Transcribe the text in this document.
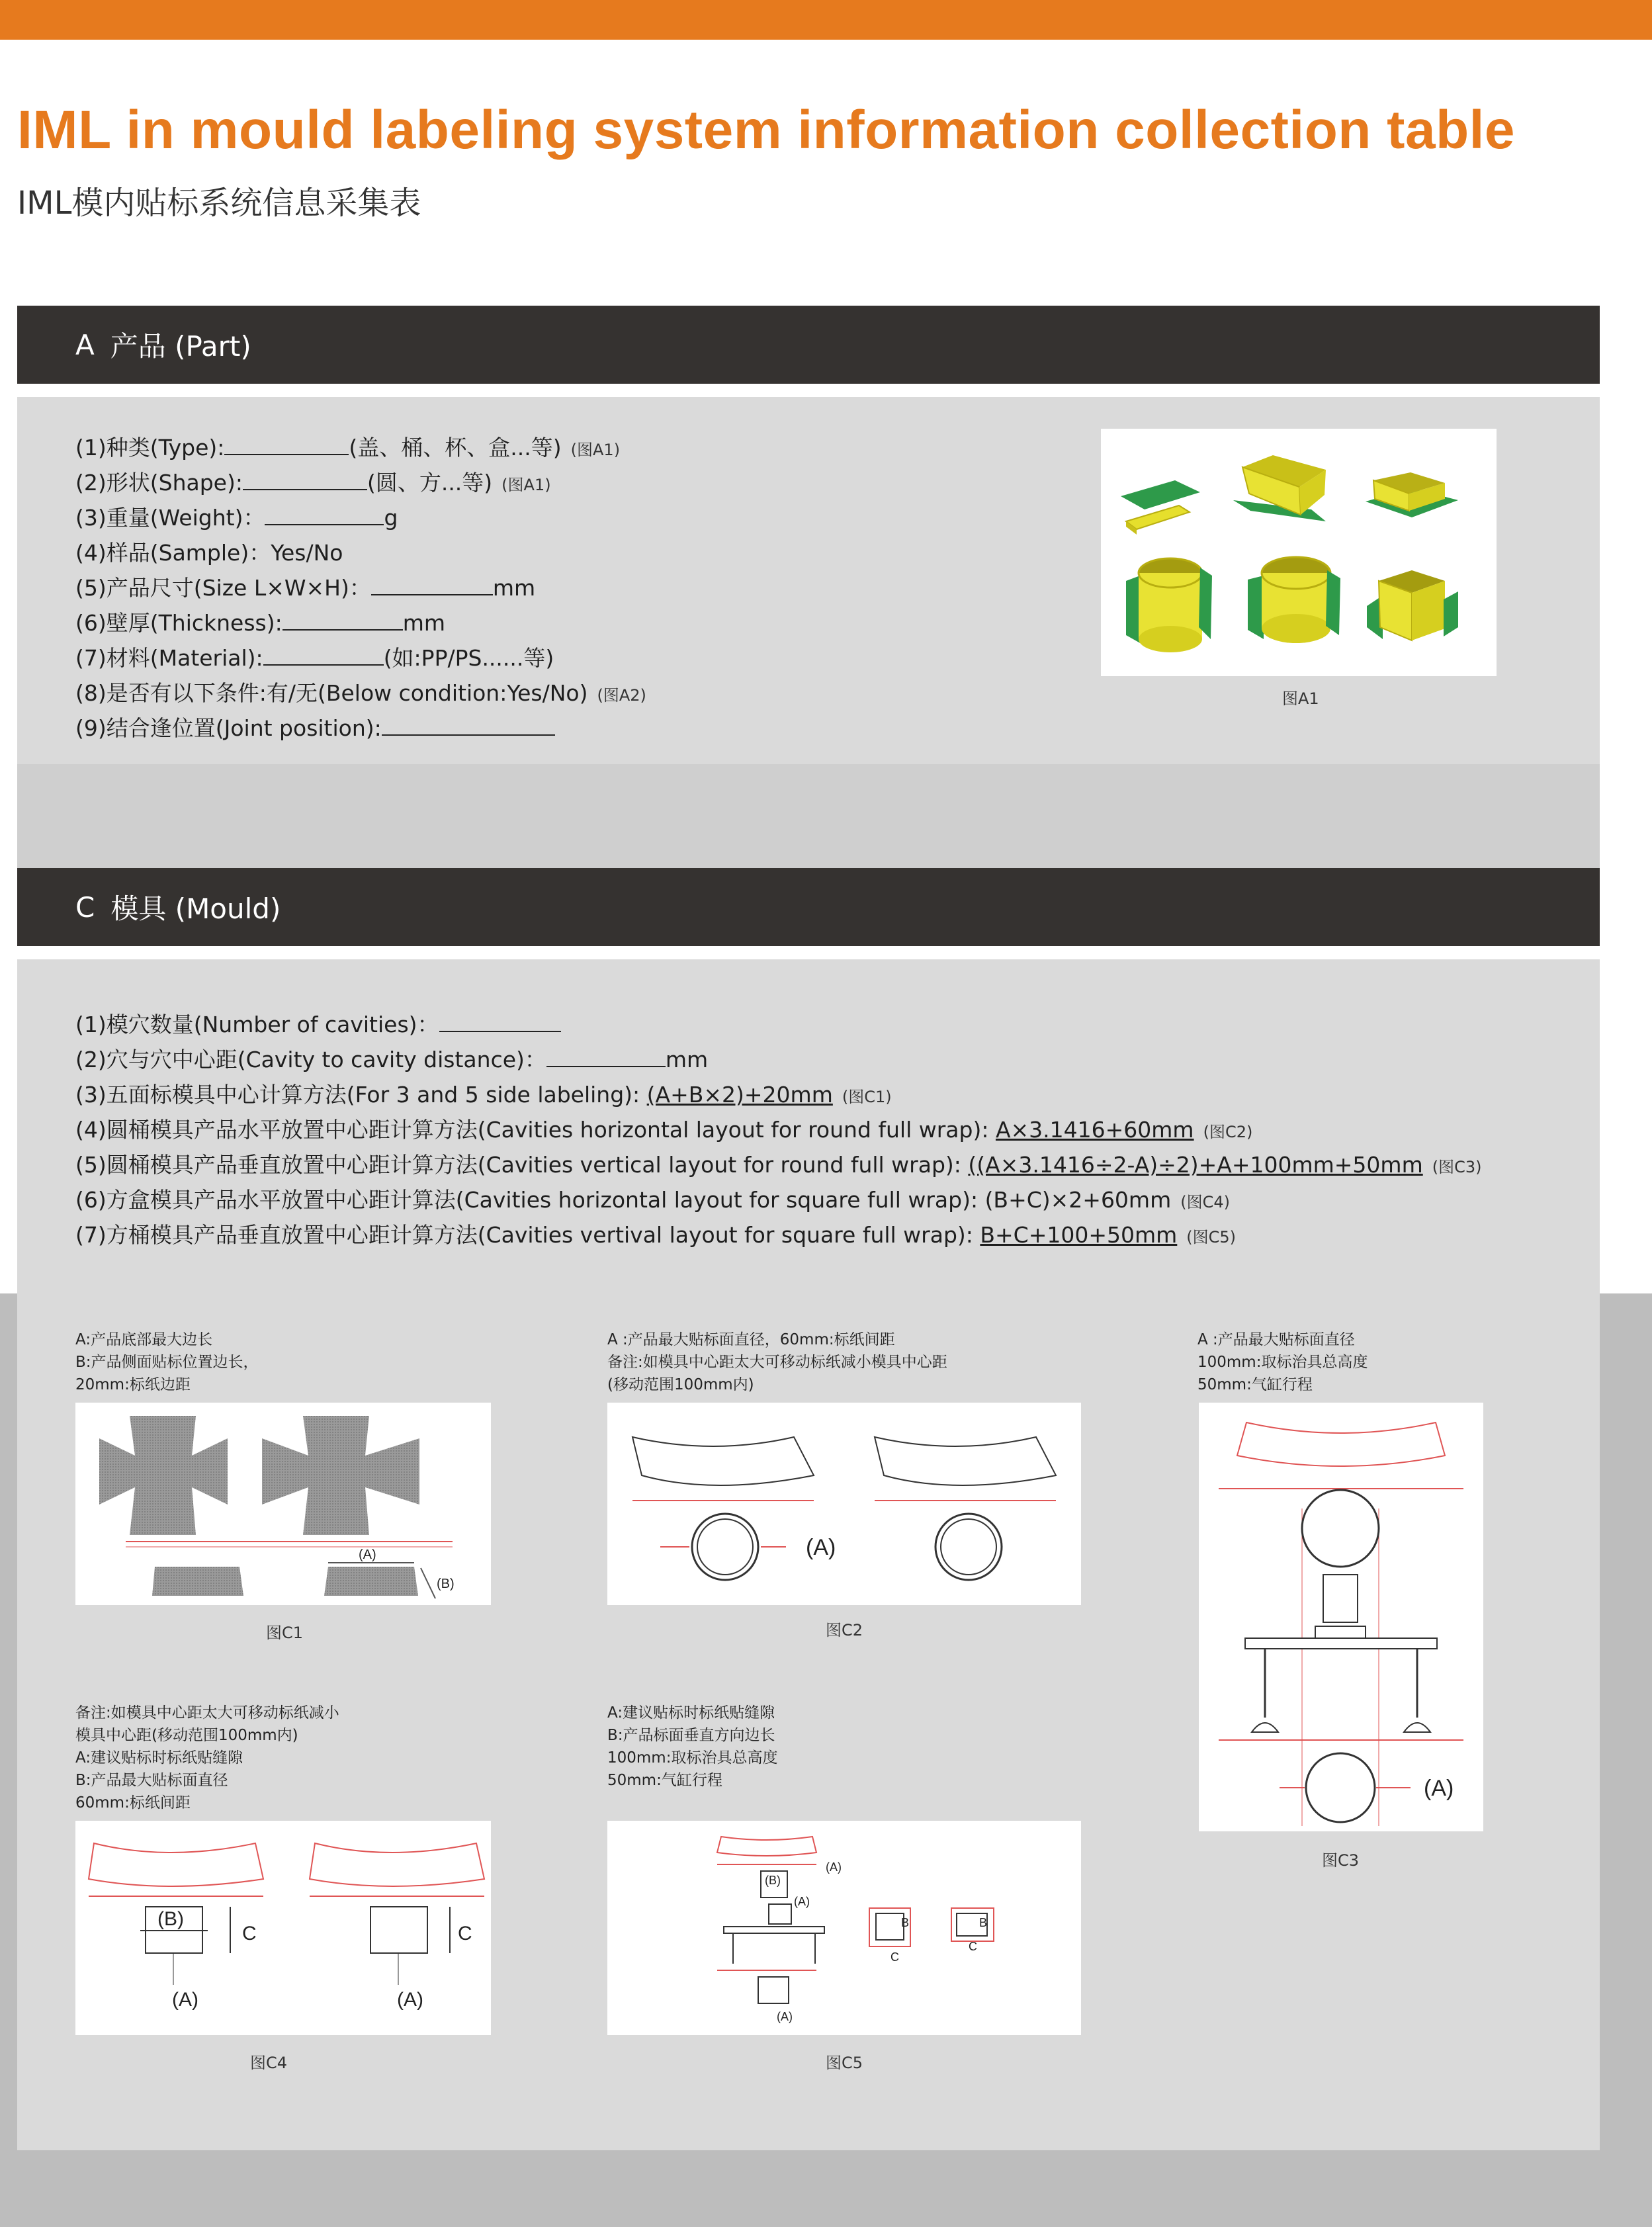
IML in mould labeling system information collection table
IML模内贴标系统信息采集表
A 产品 (Part)
(1)种类(Type):	(盖、桶、杯、盒...等) (图A1)
(2)形状(Shape):	(圆、方...等) (图A1)
(3)重量(Weight)：	g
(4)样品(Sample)：Yes/No
(5)产品尺寸(Size L×W×H)：	mm
(6)壁厚(Thickness):	mm
(7)材料(Material):	(如:PP/PS......等)
(8)是否有以下条件:有/无(Below condition:Yes/No) (图A2)
(9)结合逢位置(Joint position):
图A1
C 模具 (Mould)
(1)模穴数量(Number of cavities)：
(2)穴与穴中心距(Cavity to cavity distance)：	mm
(3)五面标模具中心计算方法(For 3 and 5 side labeling): (A+B×2)+20mm (图C1)
(4)圆桶模具产品水平放置中心距计算方法(Cavities horizontal layout for round full wrap): A×3.1416+60mm (图C2)
(5)圆桶模具产品垂直放置中心距计算方法(Cavities vertical layout for round full wrap): ((A×3.1416÷2-A)÷2)+A+100mm+50mm (图C3)
(6)方盒模具产品水平放置中心距计算法(Cavities horizontal layout for square full wrap): (B+C)×2+60mm (图C4)
(7)方桶模具产品垂直放置中心距计算方法(Cavities vertival layout for square full wrap): B+C+100+50mm (图C5)
A:产品底部最大边长
B:产品侧面贴标位置边长，
20mm:标纸边距
(A)
(B)
图C1
A :产品最大贴标面直径，60mm:标纸间距
备注:如模具中心距太大可移动标纸减小模具中心距
(移动范围100mm内)
(A)
图C2
A :产品最大贴标面直径
100mm:取标治具总高度
50mm:气缸行程
(A)
图C3
备注:如模具中心距太大可移动标纸减小
模具中心距(移动范围100mm内)
A:建议贴标时标纸贴缝隙
B:产品最大贴标面直径
60mm:标纸间距
(B)
C
(A)
C
(A)
图C4
A:建议贴标时标纸贴缝隙
B:产品标面垂直方向边长
100mm:取标治具总高度
50mm:气缸行程
(A)
(B)
(A)
(A)
B
C
B
C
图C5
